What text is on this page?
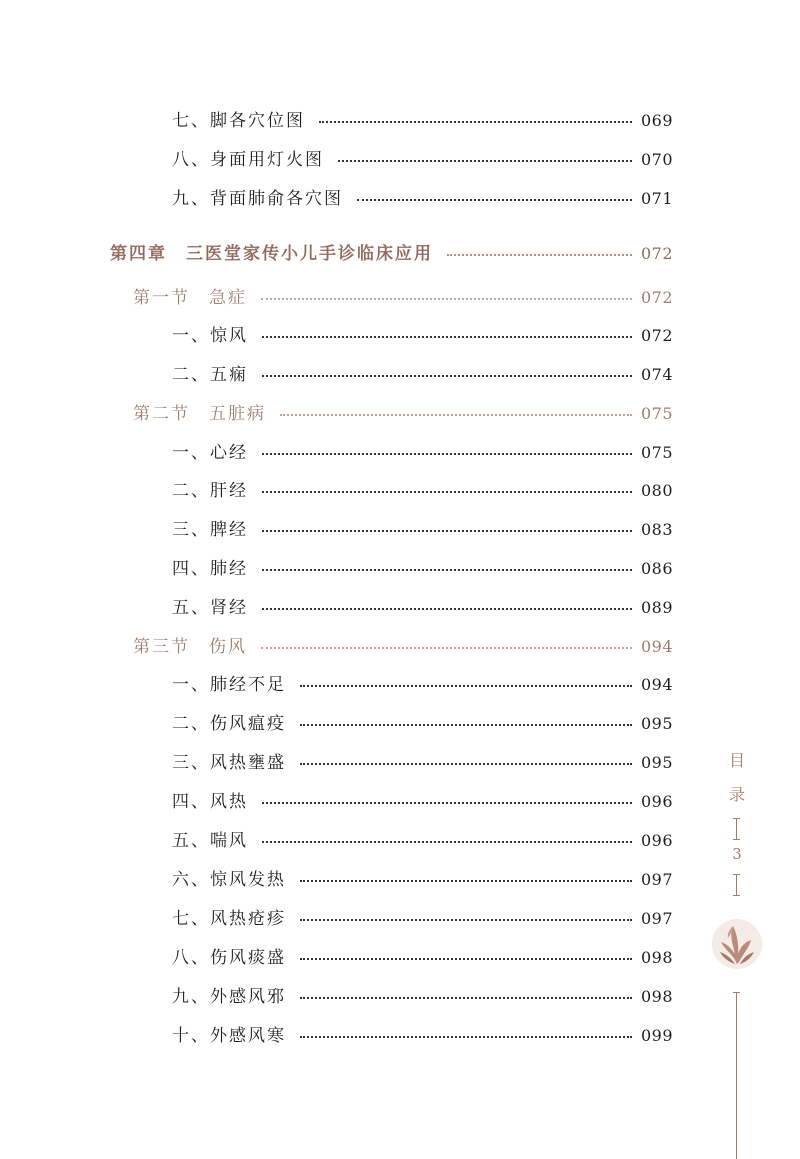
七、脚各穴位图	069
八、身面用灯火图	070
九、背面肺俞各穴图	071
第四章　三医堂家传小儿手诊临床应用	072
第一节　急症	072
一、惊风	072
二、五痫	074
第二节　五脏病	075
一、心经	075
二、肝经	080
三、脾经	083
四、肺经	086
五、肾经	089
第三节　伤风	094
一、肺经不足	094
二、伤风瘟疫	095
三、风热壅盛	095
四、风热	096
五、喘风	096
六、惊风发热	097
七、风热疮疹	097
八、伤风痰盛	098
九、外感风邪	098
十、外感风寒	099
目
录
3
